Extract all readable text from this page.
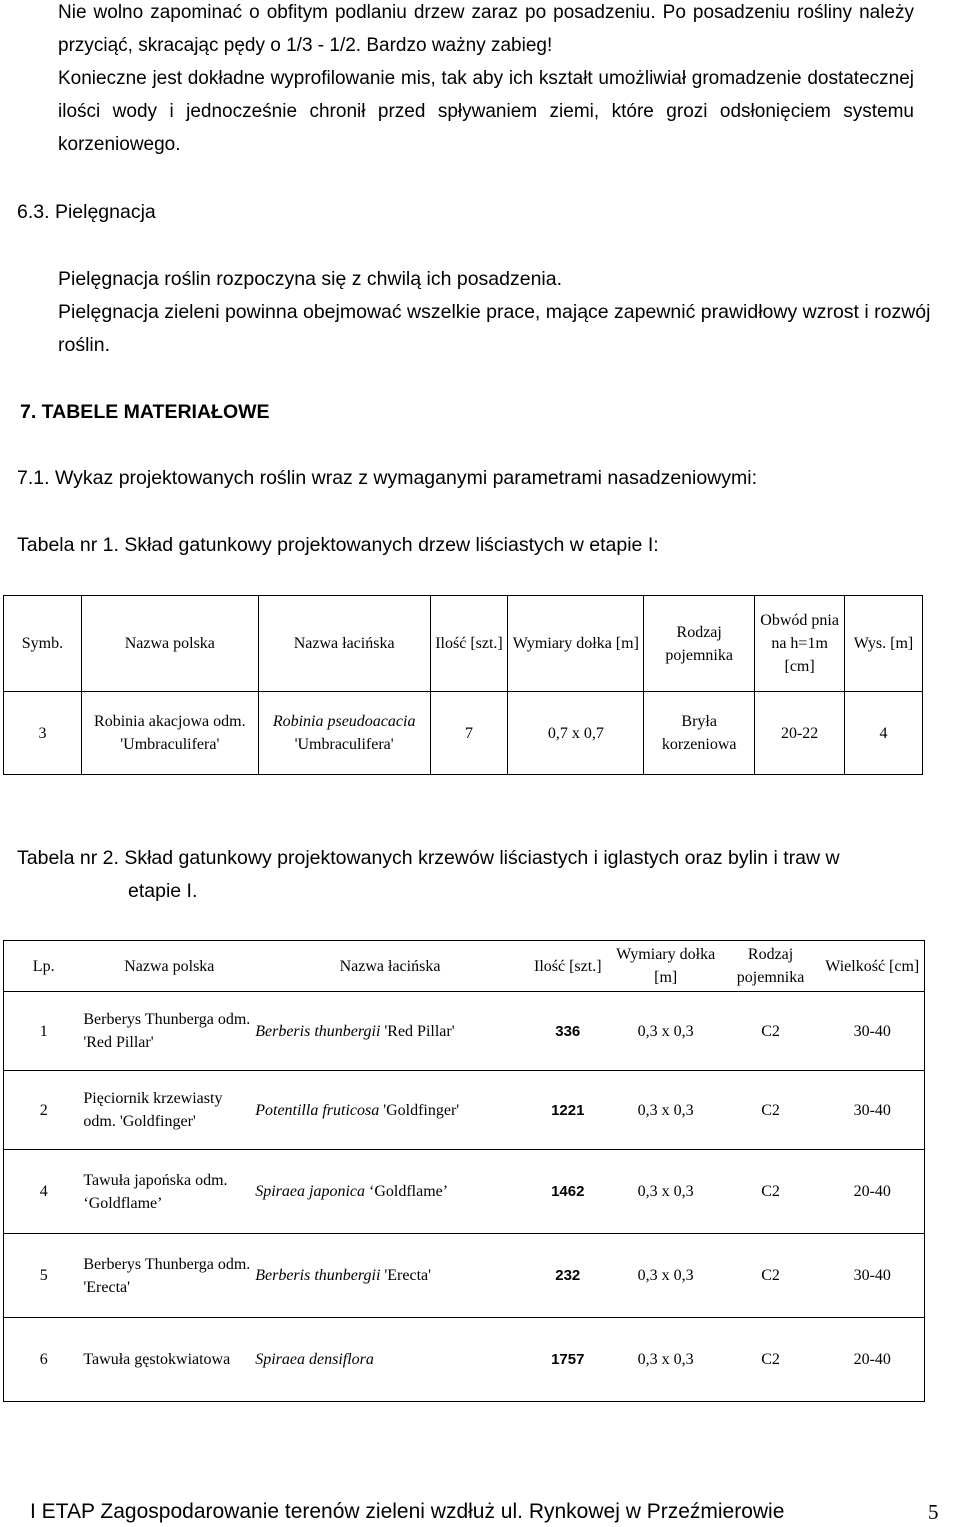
Nie wolno zapominać o obfitym podlaniu drzew zaraz po posadzeniu. Po posadzeniu rośliny należy przyciąć, skracając pędy o 1/3 - 1/2. Bardzo ważny zabieg!

Konieczne jest dokładne wyprofilowanie mis, tak aby ich kształt umożliwiał gromadzenie dostatecznej ilości wody i jednocześnie chronił przed spływaniem ziemi, które grozi odsłonięciem systemu korzeniowego.

6.3. Pielęgnacja

Pielęgnacja roślin rozpoczyna się z chwilą ich posadzenia.

Pielęgnacja zieleni powinna obejmować wszelkie prace, mające zapewnić prawidłowy wzrost i rozwój roślin.

7. TABELE MATERIAŁOWE
7.1. Wykaz projektowanych roślin wraz z wymaganymi parametrami nasadzeniowymi:
Tabela nr 1. Skład gatunkowy projektowanych drzew liściastych w etapie I:
Symb.	Nazwa polska	Nazwa łacińska	Ilość [szt.]	Wymiary dołka [m]	Rodzaj pojemnika	Obwód pnia na h=1m [cm]	Wys. [m]
3	Robinia akacjowa odm. 'Umbraculifera'	Robinia pseudoacacia
'Umbraculifera'	7	0,7 x 0,7	Bryła korzeniowa	20-22	4
Tabela nr 2. Skład gatunkowy projektowanych krzewów liściastych i iglastych oraz bylin i traw w
etapie I.
Lp.	Nazwa polska	Nazwa łacińska	Ilość [szt.]	Wymiary dołka [m]	Rodzaj pojemnika	Wielkość [cm]
1	Berberys Thunberga odm. 'Red Pillar'	Berberis thunbergii 'Red Pillar'	336	0,3 x 0,3	C2	30-40
2	Pięciornik krzewiasty odm. 'Goldfinger'	Potentilla fruticosa 'Goldfinger'	1221	0,3 x 0,3	C2	30-40
4	Tawuła japońska odm. ‘Goldflame’	Spiraea japonica ‘Goldflame’	1462	0,3 x 0,3	C2	20-40
5	Berberys Thunberga odm. 'Erecta'	Berberis thunbergii 'Erecta'	232	0,3 x 0,3	C2	30-40
6	Tawuła gęstokwiatowa	Spiraea densiflora	1757	0,3 x 0,3	C2	20-40
I ETAP Zagospodarowanie terenów zieleni wzdłuż ul. Rynkowej w Przeźmierowie	5
